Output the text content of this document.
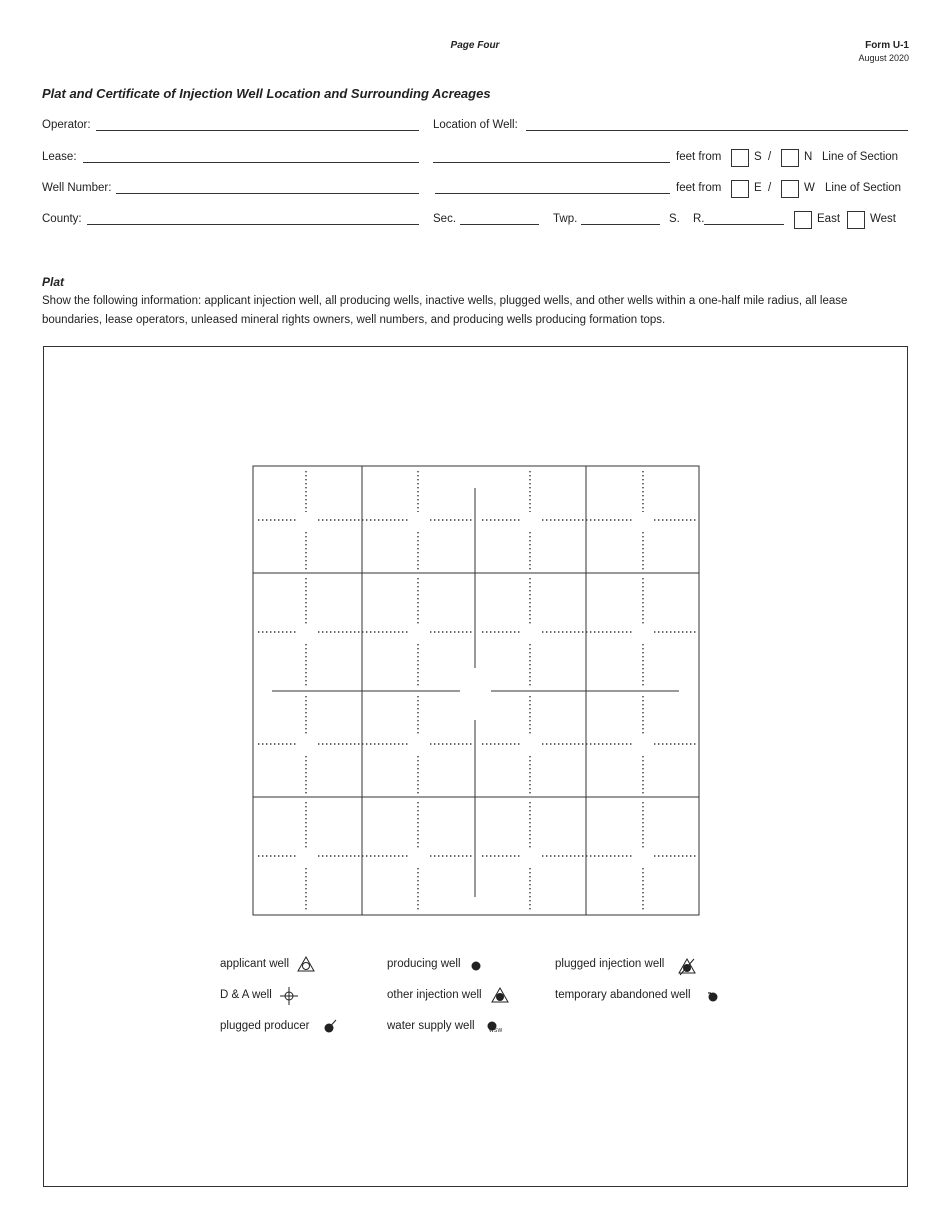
Page Four	Form U-1
August 2020
Plat and Certificate of Injection Well Location and Surrounding Acreages
Operator:	Location of Well:
Lease:	feet from	S /	N Line of Section
Well Number:	feet from	E /	W Line of Section
County:	Sec.	Twp.	S. R.	East	West
Plat
Show the following information: applicant injection well, all producing wells, inactive wells, plugged wells, and other wells within a one-half mile radius, all lease boundaries, lease operators, unleased mineral rights owners, well numbers, and producing wells producing formation tops.
applicant well	producing well	plugged injection well
D & A well	other injection well	temporary abandoned well
plugged producer	water supply well	WSW
